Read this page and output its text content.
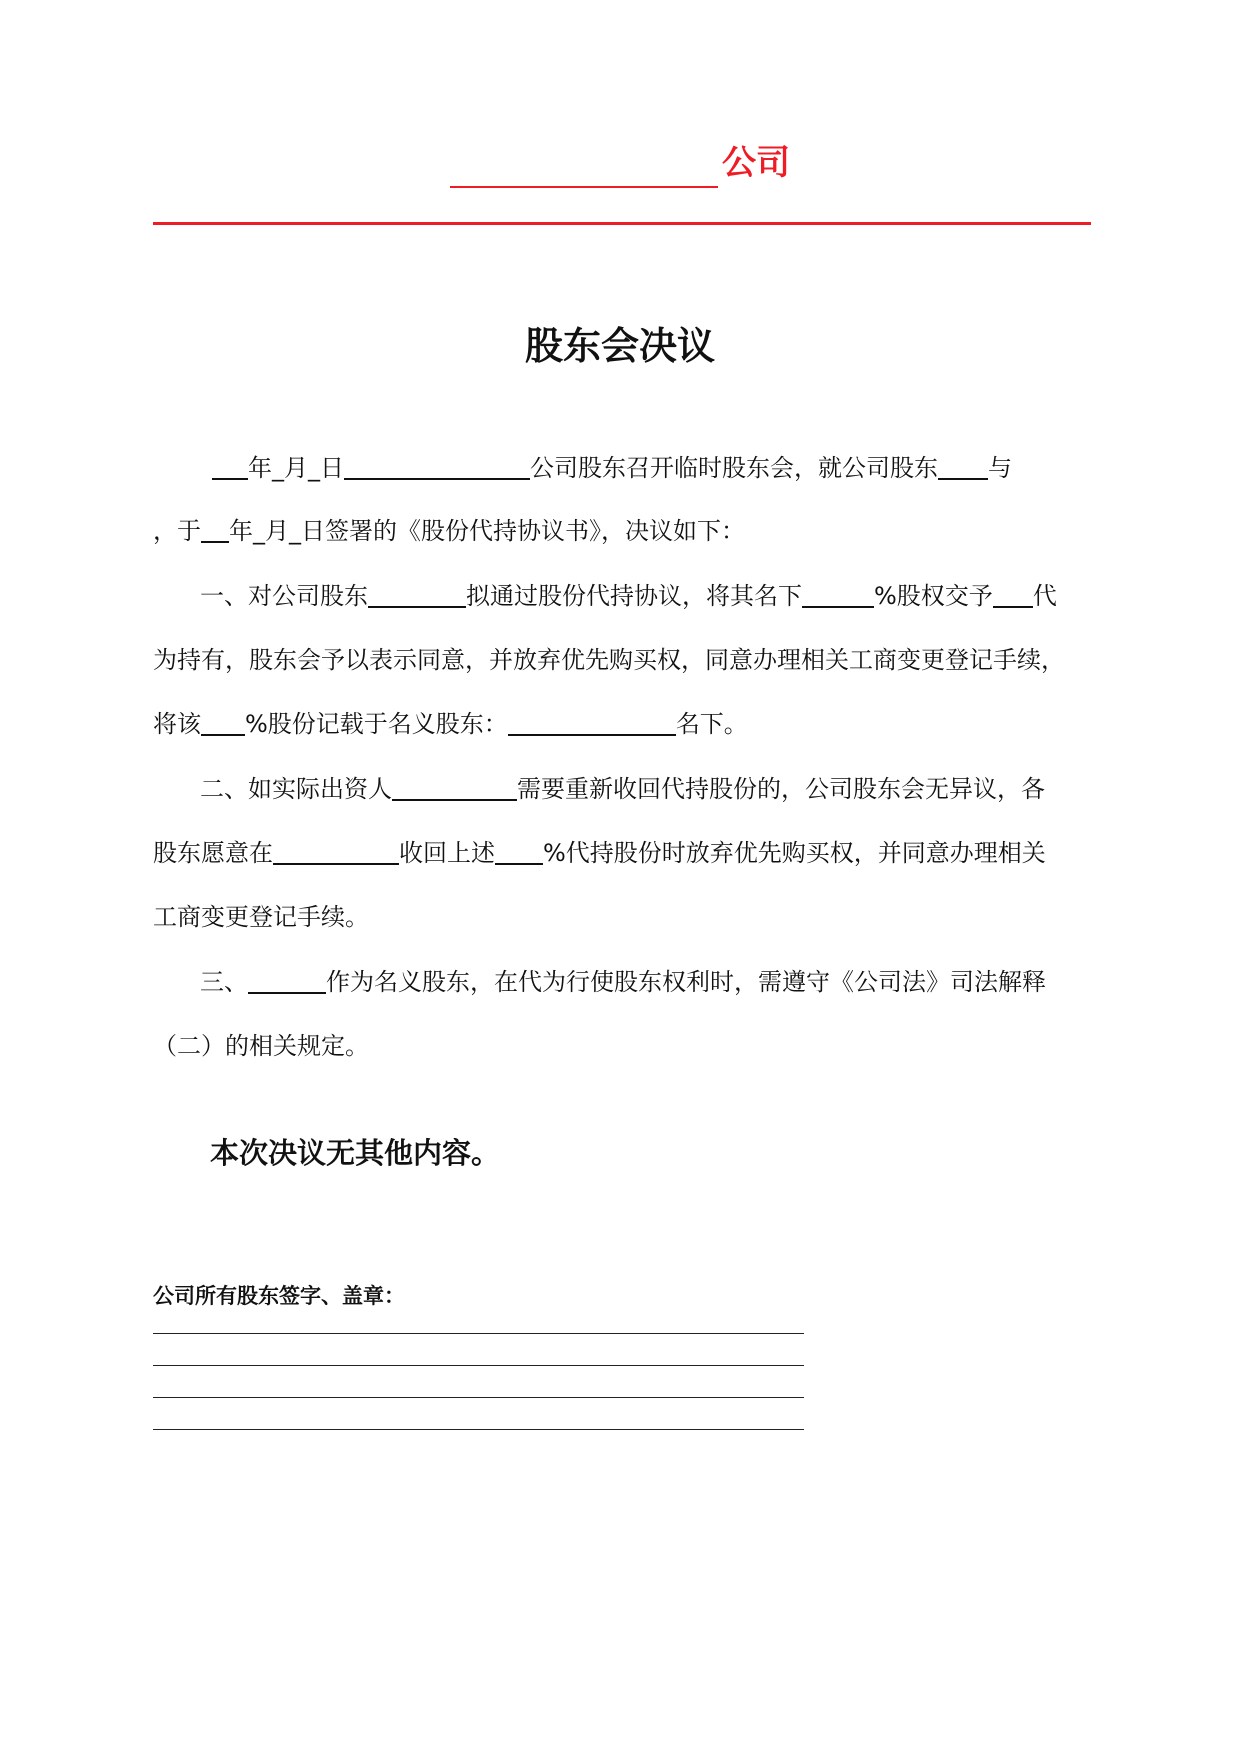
公司
股东会决议
年_月_日	公司股东召开临时股东会，就公司股东 与
，于 年_月_日签署的《股份代持协议书》，决议如下：
一、对公司股东	拟通过股份代持协议，将其名下	%股权交予 代
为持有，股东会予以表示同意，并放弃优先购买权，同意办理相关工商变更登记手续，
将该 %股份记载于名义股东：	名下。
二、如实际出资人	需要重新收回代持股份的，公司股东会无异议，各
股东愿意在	收回上述 %代持股份时放弃优先购买权，并同意办理相关
工商变更登记手续。
三、	作为名义股东，在代为行使股东权利时，需遵守《公司法》司法解释
（二）的相关规定。
本次决议无其他内容。
公司所有股东签字、盖章：
